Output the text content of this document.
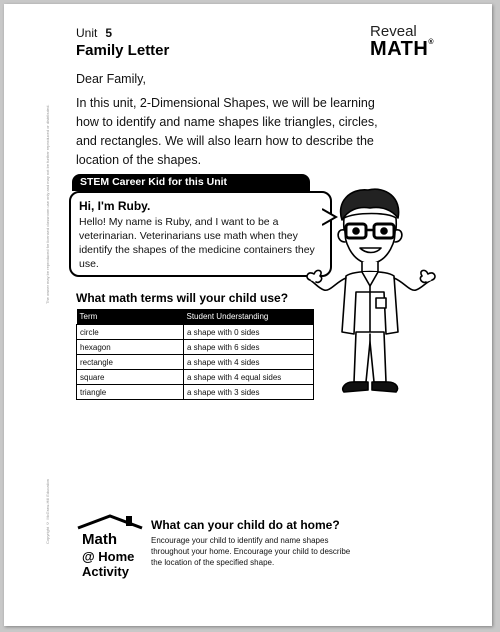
Unit 5
Family Letter
Reveal
MATH®
The owner may be reproduced for licensed classroom use only and may not be further reproduced or distributed.
Copyright © McGraw-Hill Education
Dear Family,

In this unit, 2-Dimensional Shapes, we will be learning how to identify and name shapes like triangles, circles, and rectangles. We will also learn how to describe the location of the shapes.

STEM Career Kid for this Unit
Hi, I'm Ruby.

Hello! My name is Ruby, and I want to be a veterinarian. Veterinarians use math when they identify the shapes of the medicine containers they use.

What math terms will your child use?
Term	Student Understanding
circle	a shape with 0 sides
hexagon	a shape with 6 sides
rectangle	a shape with 4 sides
square	a shape with 4 equal sides
triangle	a shape with 3 sides
Math
@ Home
Activity
What can your child do at home?

Encourage your child to identify and name shapes throughout your home. Encourage your child to describe the location of the specified shape.
